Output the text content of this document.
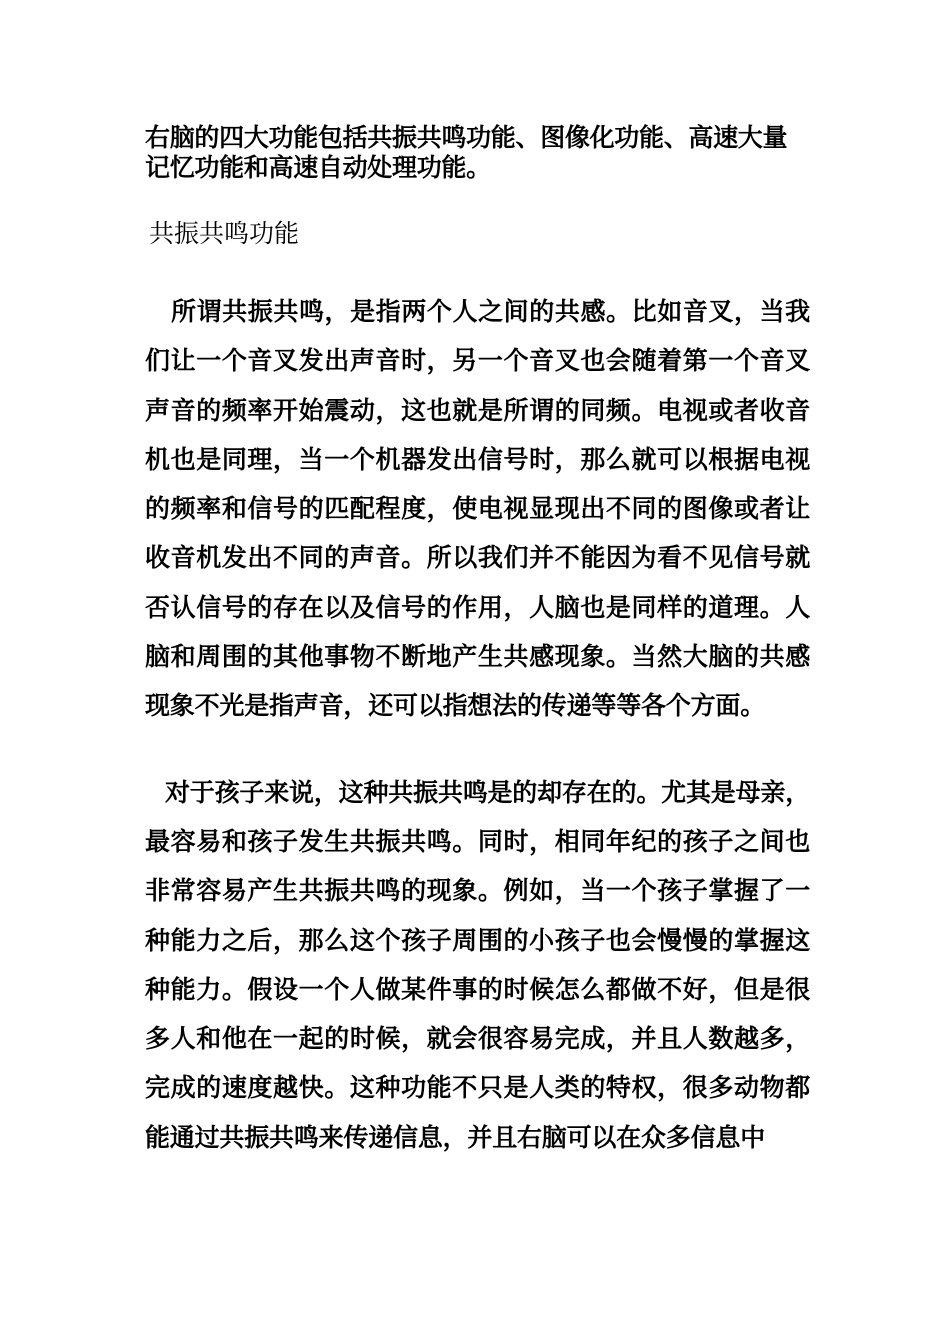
右脑的四大功能包括共振共鸣功能、图像化功能、高速大量记忆功能和高速自动处理功能。

共振共鸣功能

所谓共振共鸣，是指两个人之间的共感。比如音叉，当我们让一个音叉发出声音时，另一个音叉也会随着第一个音叉声音的频率开始震动，这也就是所谓的同频。电视或者收音机也是同理，当一个机器发出信号时，那么就可以根据电视的频率和信号的匹配程度，使电视显现出不同的图像或者让收音机发出不同的声音。所以我们并不能因为看不见信号就否认信号的存在以及信号的作用，人脑也是同样的道理。人脑和周围的其他事物不断地产生共感现象。当然大脑的共感现象不光是指声音，还可以指想法的传递等等各个方面。

对于孩子来说，这种共振共鸣是的却存在的。尤其是母亲，最容易和孩子发生共振共鸣。同时，相同年纪的孩子之间也非常容易产生共振共鸣的现象。例如，当一个孩子掌握了一种能力之后，那么这个孩子周围的小孩子也会慢慢的掌握这种能力。假设一个人做某件事的时候怎么都做不好，但是很多人和他在一起的时候，就会很容易完成，并且人数越多，完成的速度越快。这种功能不只是人类的特权，很多动物都能通过共振共鸣来传递信息，并且右脑可以在众多信息中
